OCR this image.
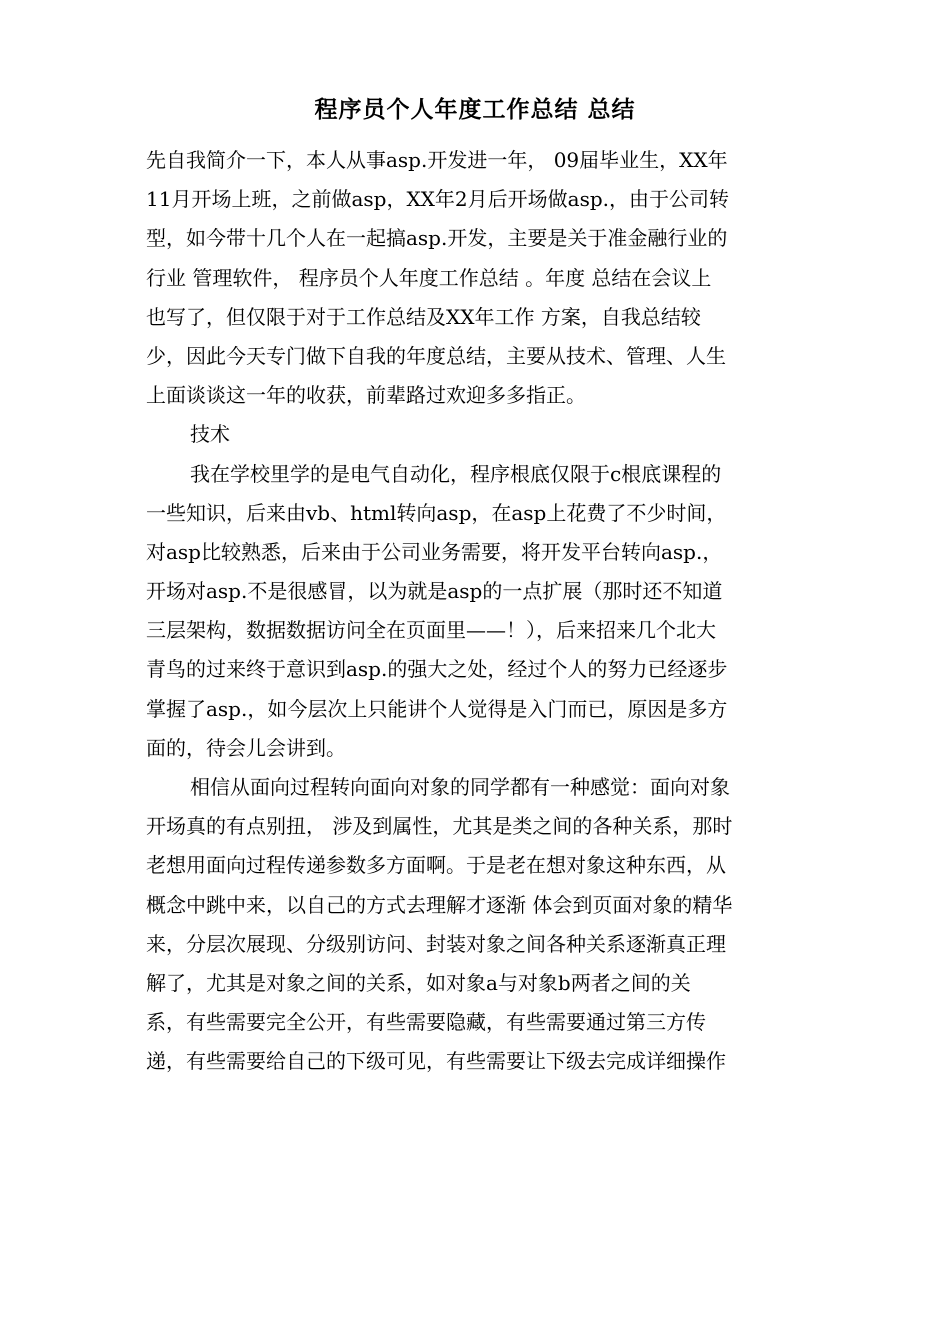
程序员个人年度工作总结 总结
先自我简介一下，本人从事asp.开发进一年， 09届毕业生，XX年
11月开场上班，之前做asp，XX年2月后开场做asp.，由于公司转
型，如今带十几个人在一起搞asp.开发，主要是关于准金融行业的
行业 管理软件， 程序员个人年度工作总结 。年度 总结在会议上
也写了，但仅限于对于工作总结及XX年工作 方案，自我总结较
少，因此今天专门做下自我的年度总结，主要从技术、管理、人生
上面谈谈这一年的收获，前辈路过欢迎多多指正。
技术
我在学校里学的是电气自动化，程序根底仅限于c根底课程的
一些知识，后来由vb、html转向asp，在asp上花费了不少时间，
对asp比较熟悉，后来由于公司业务需要，将开发平台转向asp.，
开场对asp.不是很感冒，以为就是asp的一点扩展（那时还不知道
三层架构，数据数据访问全在页面里——！），后来招来几个北大
青鸟的过来终于意识到asp.的强大之处，经过个人的努力已经逐步
掌握了asp.，如今层次上只能讲个人觉得是入门而已，原因是多方
面的，待会儿会讲到。
相信从面向过程转向面向对象的同学都有一种感觉：面向对象
开场真的有点别扭， 涉及到属性，尤其是类之间的各种关系，那时
老想用面向过程传递参数多方面啊。于是老在想对象这种东西，从
概念中跳中来，以自己的方式去理解才逐渐 体会到页面对象的精华
来，分层次展现、分级别访问、封装对象之间各种关系逐渐真正理
解了，尤其是对象之间的关系，如对象a与对象b两者之间的关
系，有些需要完全公开，有些需要隐藏，有些需要通过第三方传
递，有些需要给自己的下级可见，有些需要让下级去完成详细操作
